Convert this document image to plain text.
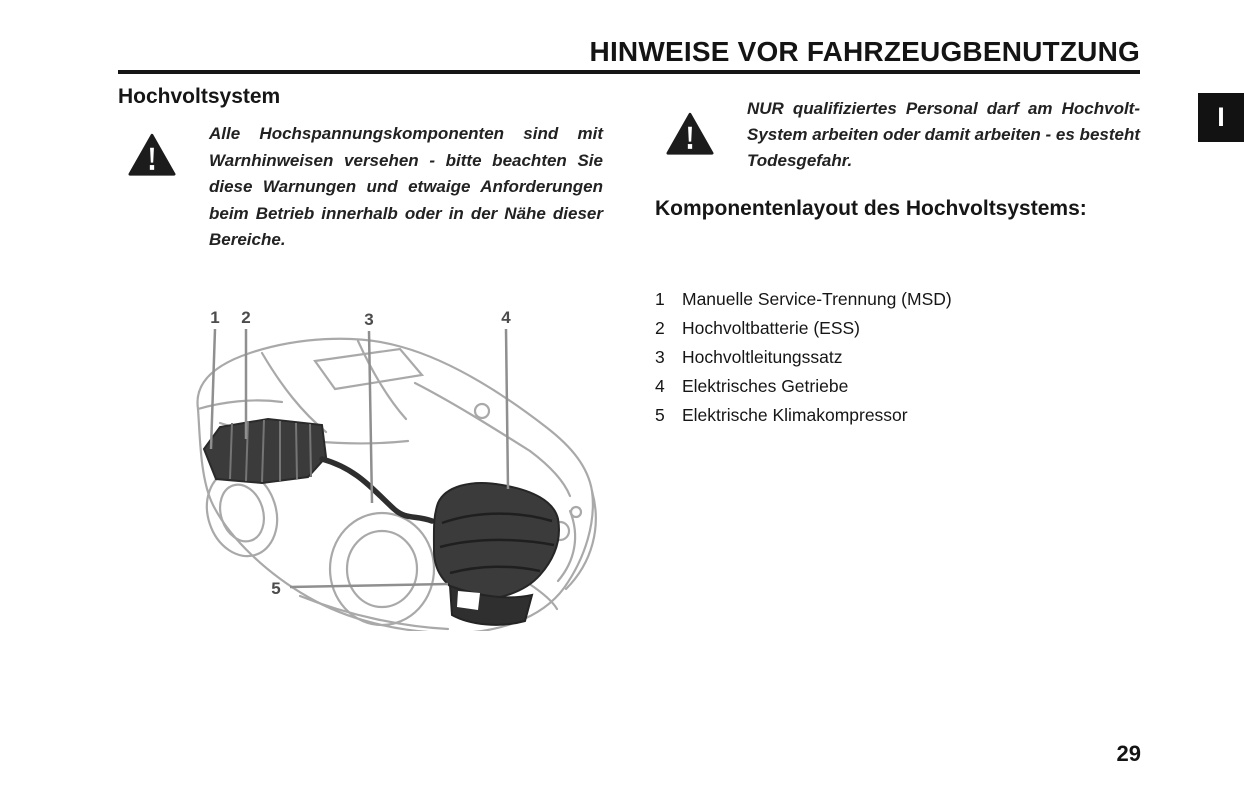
HINWEISE VOR FAHRZEUGBENUTZUNG
I
Hochvoltsystem
Alle Hochspannungskomponenten sind mit Warnhinweisen versehen - bitte beachten Sie diese Warnungen und etwaige Anforderungen beim Betrieb innerhalb oder in der Nähe dieser Bereiche.
NUR qualifiziertes Personal darf am Hochvolt-System arbeiten oder damit arbeiten - es besteht Todesgefahr.
Komponentenlayout des Hochvoltsystems:
1 Manuelle Service-Trennung (MSD)
2 Hochvoltbatterie (ESS)
3 Hochvoltleitungssatz
4 Elektrisches Getriebe
5 Elektrische Klimakompressor
1 2	3	4
5
29
